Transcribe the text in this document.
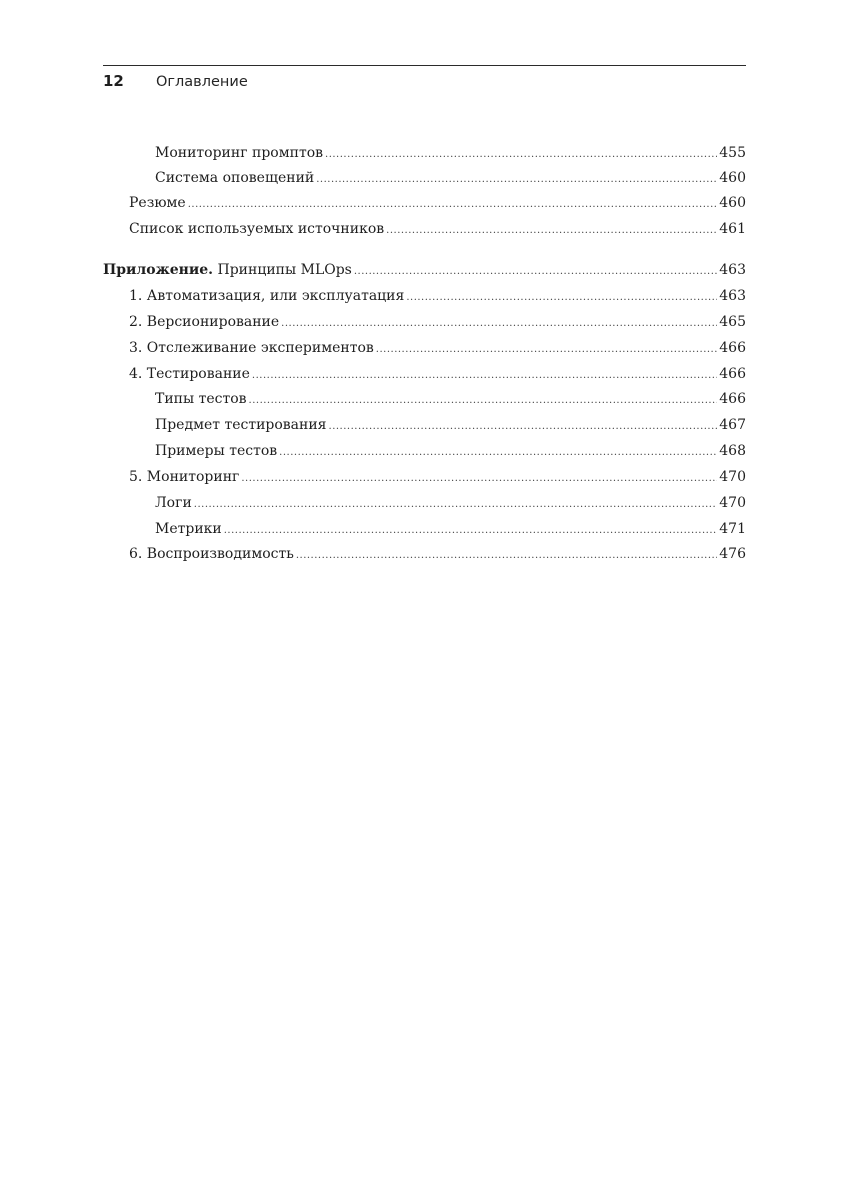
12	Оглавление
Мониторинг промптов .....	455
Система оповещений .....	460
Резюме .....	460
Список используемых источников .....	461
Приложение. Принципы MLOps .....	463
1. Автоматизация, или эксплуатация .....	463
2. Версионирование .....	465
3. Отслеживание экспериментов .....	466
4. Тестирование .....	466
Типы тестов .....	466
Предмет тестирования .....	467
Примеры тестов .....	468
5. Мониторинг .....	470
Логи .....	470
Метрики .....	471
6. Воспроизводимость .....	476
